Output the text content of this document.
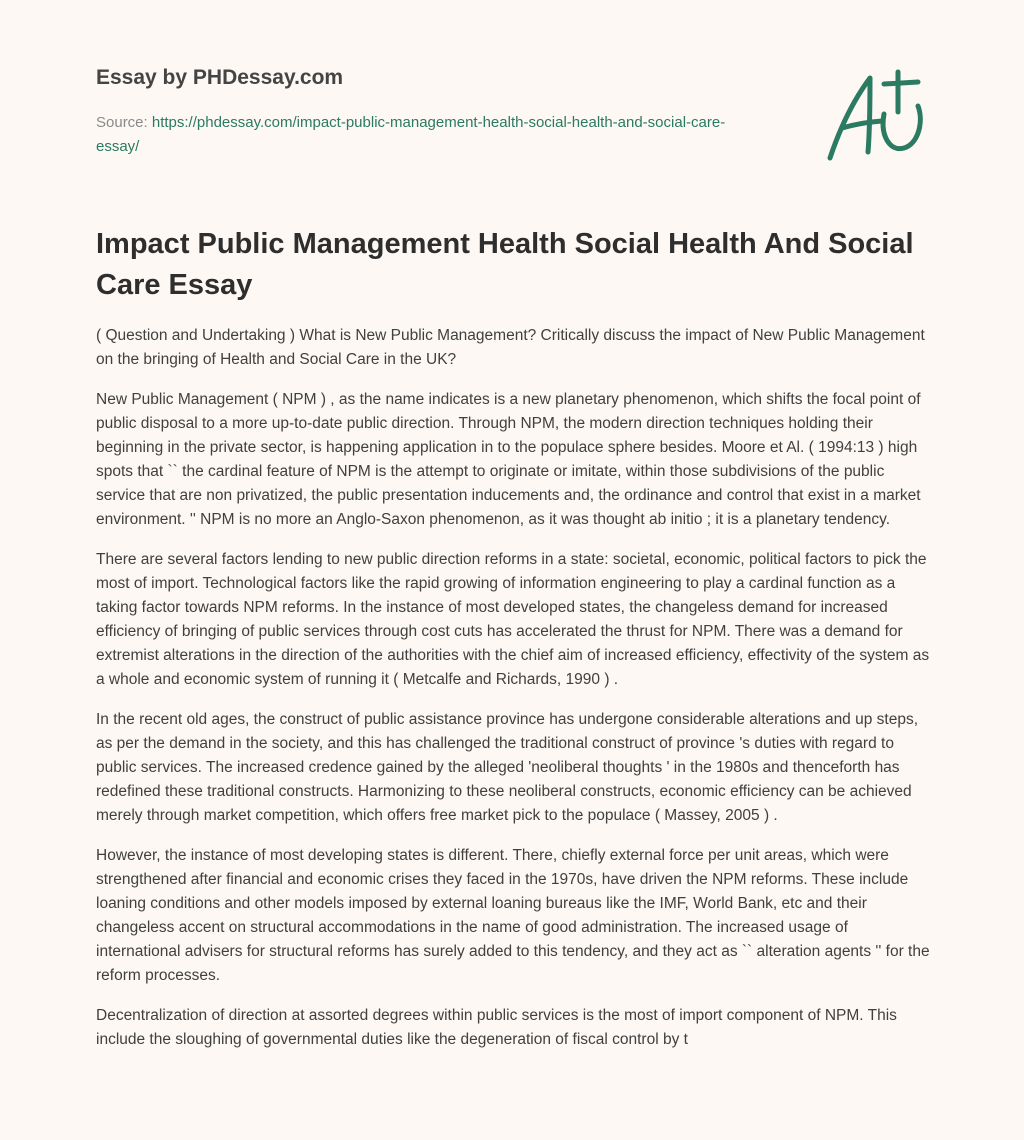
Essay by PHDessay.com
Source: https://phdessay.com/impact-public-management-health-social-health-and-social-care-essay/
Impact Public Management Health Social Health And Social Care Essay

( Question and Undertaking ) What is New Public Management? Critically discuss the impact of New Public Management on the bringing of Health and Social Care in the UK?

New Public Management ( NPM ) , as the name indicates is a new planetary phenomenon, which shifts the focal point of public disposal to a more up-to-date public direction. Through NPM, the modern direction techniques holding their beginning in the private sector, is happening application in to the populace sphere besides. Moore et Al. ( 1994:13 ) high spots that `` the cardinal feature of NPM is the attempt to originate or imitate, within those subdivisions of the public service that are non privatized, the public presentation inducements and, the ordinance and control that exist in a market environment. '' NPM is no more an Anglo-Saxon phenomenon, as it was thought ab initio ; it is a planetary tendency.

There are several factors lending to new public direction reforms in a state: societal, economic, political factors to pick the most of import. Technological factors like the rapid growing of information engineering to play a cardinal function as a taking factor towards NPM reforms. In the instance of most developed states, the changeless demand for increased efficiency of bringing of public services through cost cuts has accelerated the thrust for NPM. There was a demand for extremist alterations in the direction of the authorities with the chief aim of increased efficiency, effectivity of the system as a whole and economic system of running it ( Metcalfe and Richards, 1990 ) .

In the recent old ages, the construct of public assistance province has undergone considerable alterations and up steps, as per the demand in the society, and this has challenged the traditional construct of province 's duties with regard to public services. The increased credence gained by the alleged 'neoliberal thoughts ' in the 1980s and thenceforth has redefined these traditional constructs. Harmonizing to these neoliberal constructs, economic efficiency can be achieved merely through market competition, which offers free market pick to the populace ( Massey, 2005 ) .

However, the instance of most developing states is different. There, chiefly external force per unit areas, which were strengthened after financial and economic crises they faced in the 1970s, have driven the NPM reforms. These include loaning conditions and other models imposed by external loaning bureaus like the IMF, World Bank, etc and their changeless accent on structural accommodations in the name of good administration. The increased usage of international advisers for structural reforms has surely added to this tendency, and they act as `` alteration agents '' for the reform processes.

Decentralization of direction at assorted degrees within public services is the most of import component of NPM. This include the sloughing of governmental duties like the degeneration of fiscal control by t
